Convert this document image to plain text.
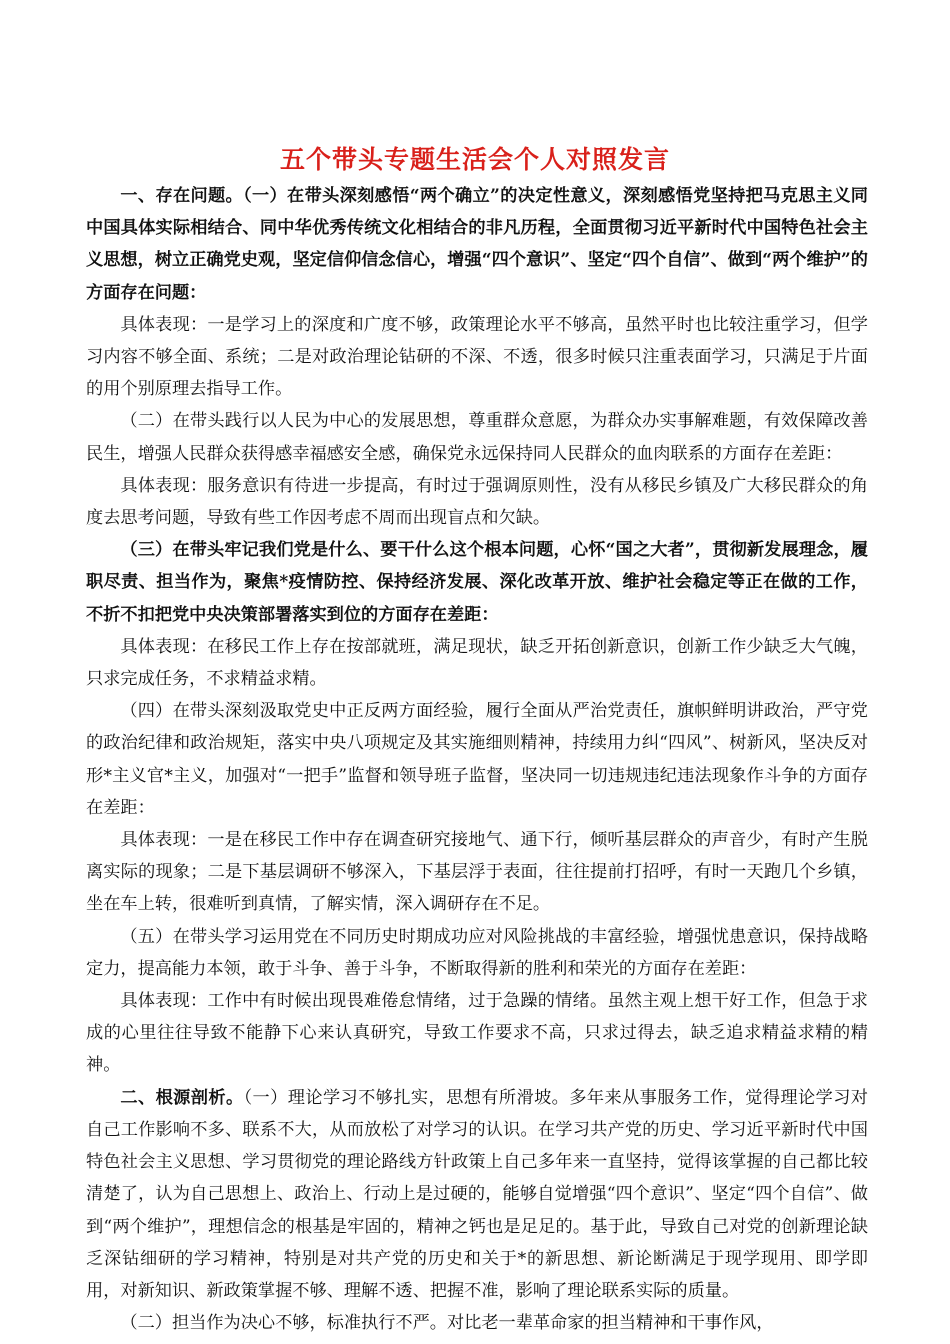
五个带头专题生活会个人对照发言

一、存在问题。（一）在带头深刻感悟“两个确立”的决定性意义，深刻感悟党坚持把马克思主义同中国具体实际相结合、同中华优秀传统文化相结合的非凡历程，全面贯彻习近平新时代中国特色社会主义思想，树立正确党史观，坚定信仰信念信心，增强“四个意识”、坚定“四个自信”、做到“两个维护”的方面存在问题：

具体表现：一是学习上的深度和广度不够，政策理论水平不够高，虽然平时也比较注重学习，但学习内容不够全面、系统；二是对政治理论钻研的不深、不透，很多时候只注重表面学习，只满足于片面的用个别原理去指导工作。

（二）在带头践行以人民为中心的发展思想，尊重群众意愿，为群众办实事解难题，有效保障改善民生，增强人民群众获得感幸福感安全感，确保党永远保持同人民群众的血肉联系的方面存在差距：

具体表现：服务意识有待进一步提高，有时过于强调原则性，没有从移民乡镇及广大移民群众的角度去思考问题，导致有些工作因考虑不周而出现盲点和欠缺。

（三）在带头牢记我们党是什么、要干什么这个根本问题，心怀“国之大者”，贯彻新发展理念，履职尽责、担当作为，聚焦*疫情防控、保持经济发展、深化改革开放、维护社会稳定等正在做的工作，不折不扣把党中央决策部署落实到位的方面存在差距：

具体表现：在移民工作上存在按部就班，满足现状，缺乏开拓创新意识，创新工作少缺乏大气魄，只求完成任务，不求精益求精。

（四）在带头深刻汲取党史中正反两方面经验，履行全面从严治党责任，旗帜鲜明讲政治，严守党的政治纪律和政治规矩，落实中央八项规定及其实施细则精神，持续用力纠“四风”、树新风，坚决反对形*主义官*主义，加强对“一把手”监督和领导班子监督，坚决同一切违规违纪违法现象作斗争的方面存在差距：

具体表现：一是在移民工作中存在调查研究接地气、通下行，倾听基层群众的声音少，有时产生脱离实际的现象；二是下基层调研不够深入，下基层浮于表面，往往提前打招呼，有时一天跑几个乡镇，坐在车上转，很难听到真情，了解实情，深入调研存在不足。

（五）在带头学习运用党在不同历史时期成功应对风险挑战的丰富经验，增强忧患意识，保持战略定力，提高能力本领，敢于斗争、善于斗争，不断取得新的胜利和荣光的方面存在差距：

具体表现：工作中有时候出现畏难倦怠情绪，过于急躁的情绪。虽然主观上想干好工作，但急于求成的心里往往导致不能静下心来认真研究，导致工作要求不高，只求过得去，缺乏追求精益求精的精神。

二、根源剖析。（一）理论学习不够扎实，思想有所滑坡。多年来从事服务工作，觉得理论学习对自己工作影响不多、联系不大，从而放松了对学习的认识。在学习共产党的历史、学习近平新时代中国特色社会主义思想、学习贯彻党的理论路线方针政策上自己多年来一直坚持，觉得该掌握的自己都比较清楚了，认为自己思想上、政治上、行动上是过硬的，能够自觉增强“四个意识”、坚定“四个自信”、做到“两个维护”，理想信念的根基是牢固的，精神之钙也是足足的。基于此，导致自己对党的创新理论缺乏深钻细研的学习精神，特别是对共产党的历史和关于*的新思想、新论断满足于现学现用、即学即用，对新知识、新政策掌握不够、理解不透、把握不准，影响了理论联系实际的质量。

（二）担当作为决心不够，标准执行不严。对比老一辈革命家的担当精神和干事作风，
